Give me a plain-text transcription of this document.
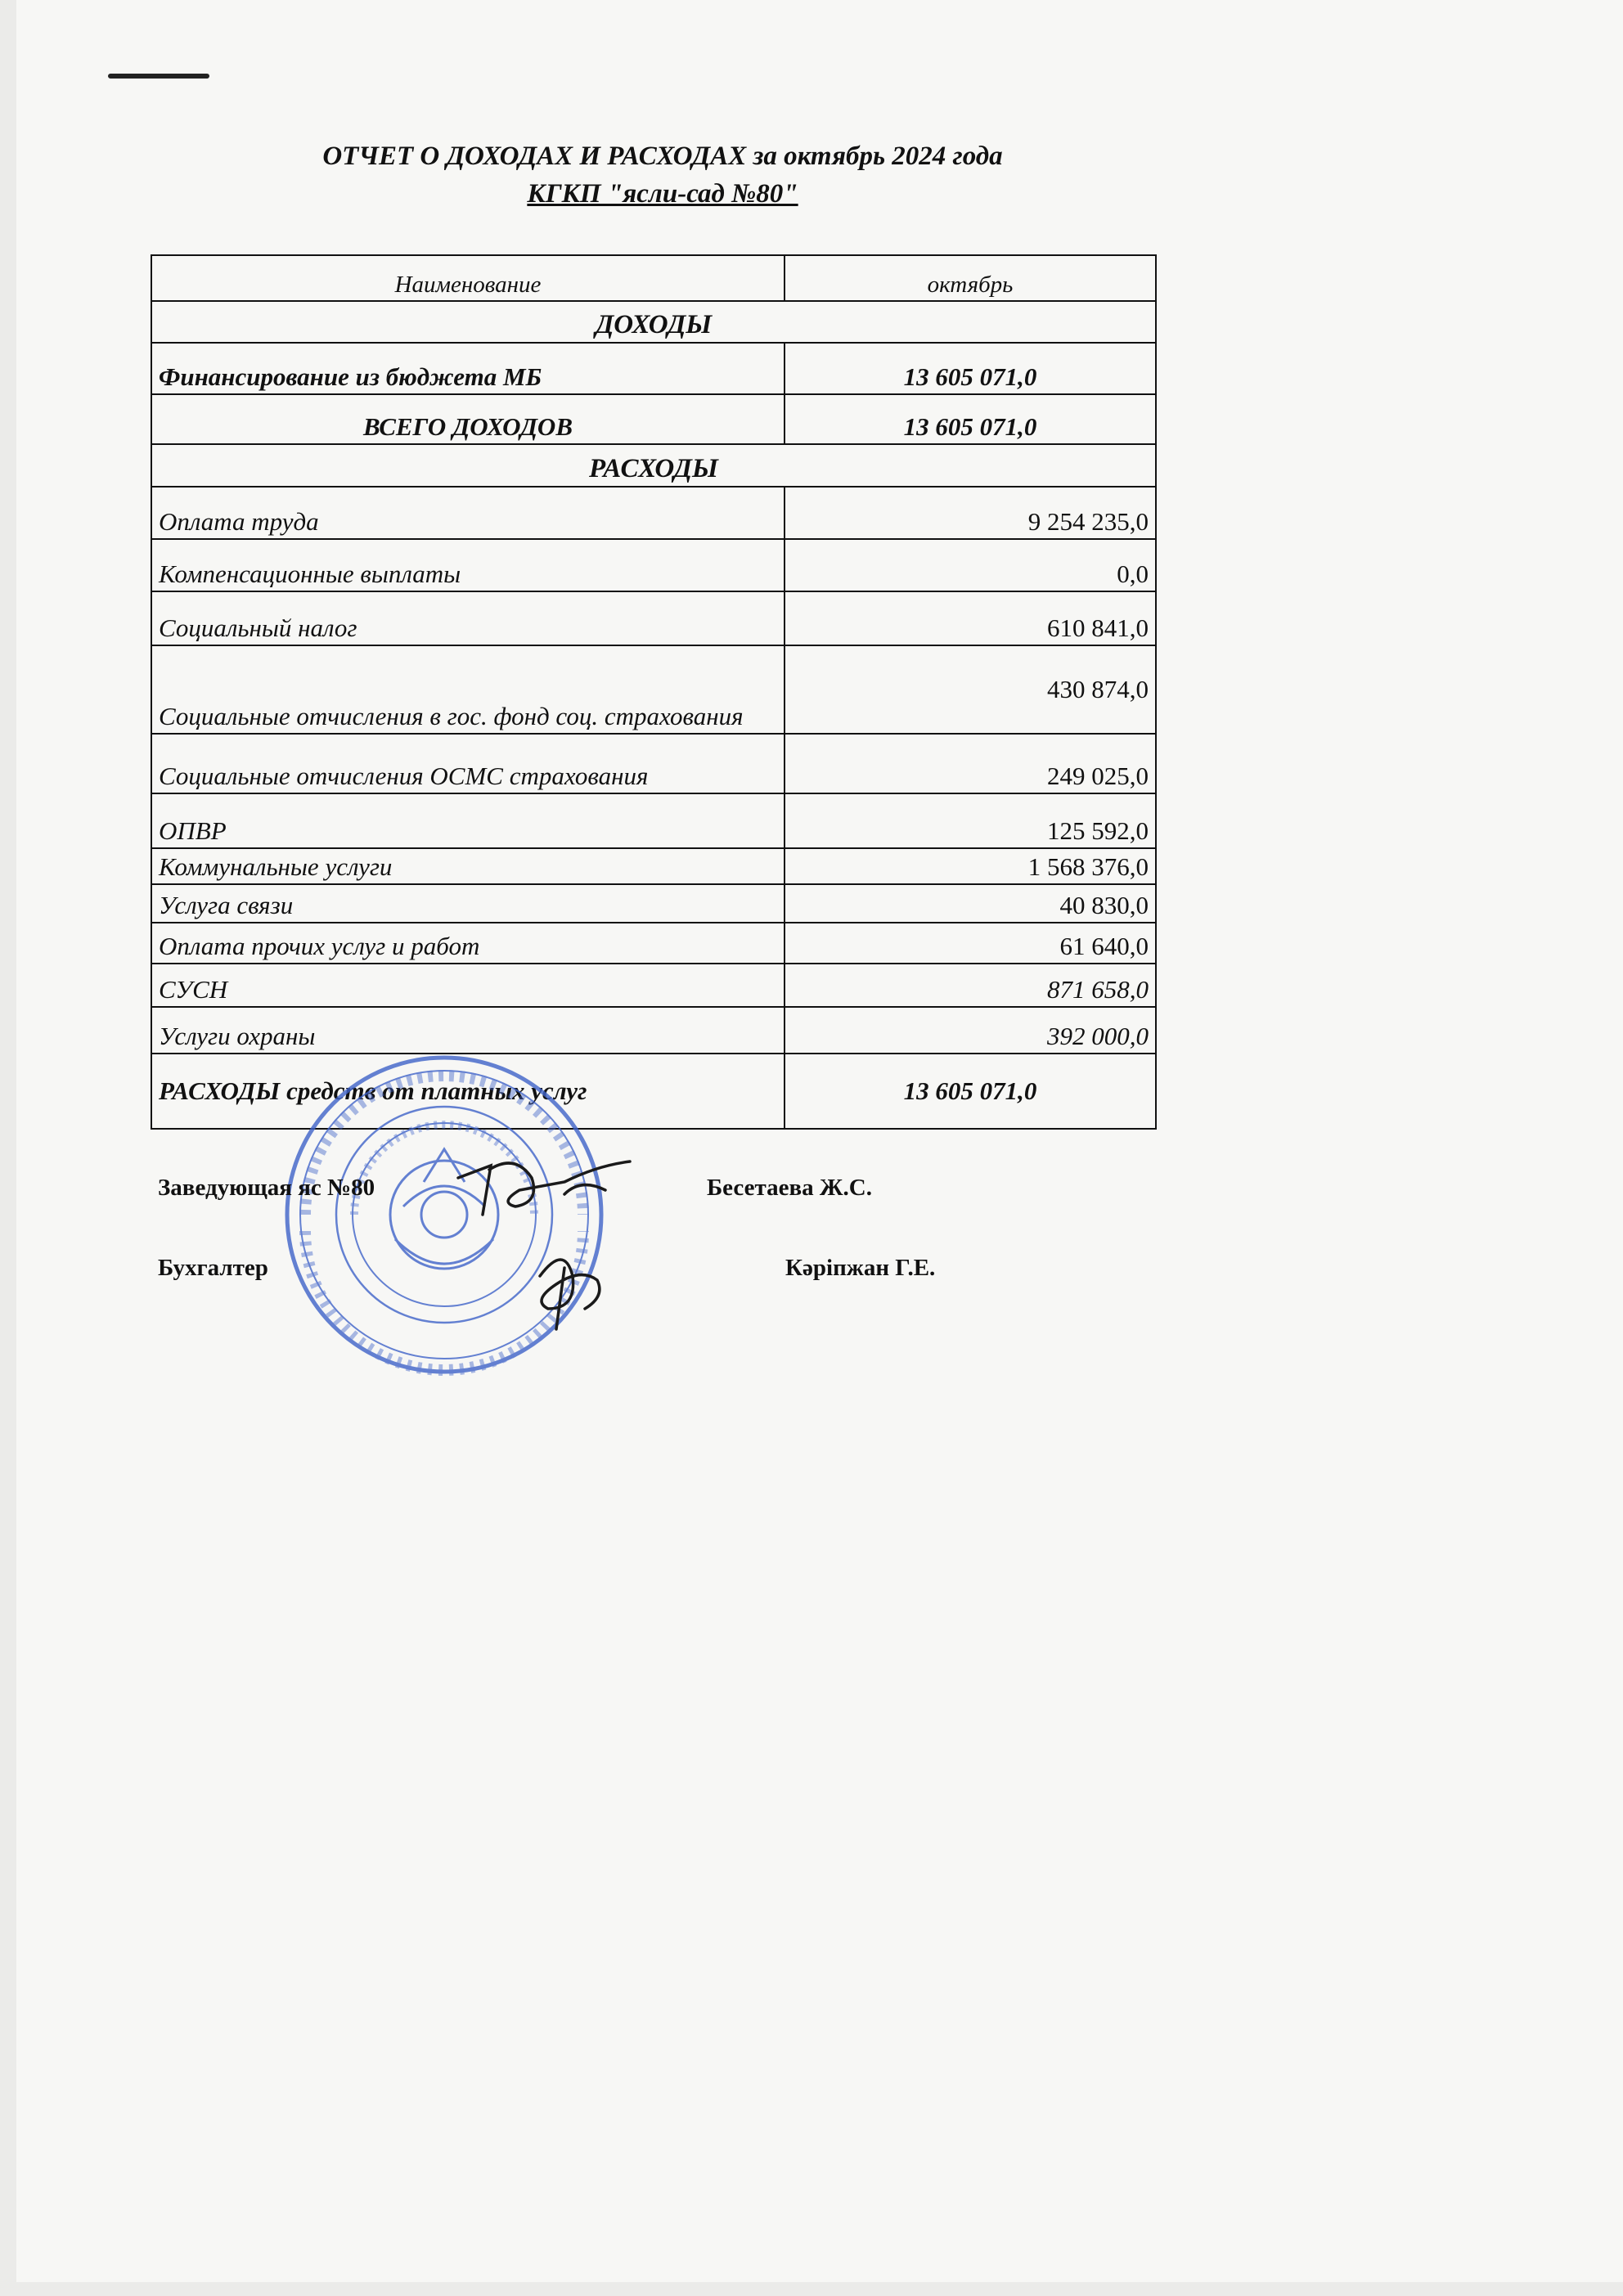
ОТЧЕТ О ДОХОДАХ И РАСХОДАХ за октябрь 2024 года
КГКП "ясли-сад №80"
Наименование	октябрь
ДОХОДЫ	
Финансирование из бюджета МБ	13 605 071,0
ВСЕГО ДОХОДОВ	13 605 071,0
РАСХОДЫ	
Оплата труда	9 254 235,0
Компенсационные выплаты	0,0
Социальный налог	610 841,0
Социальные отчисления в гос. фонд соц. страхования	430 874,0
Социальные отчисления ОСМС страхования	249 025,0
ОПВР	125 592,0
Коммунальные услуги	1 568 376,0
Услуга связи	40 830,0
Оплата прочих услуг и работ	61 640,0
СУСН	871 658,0
Услуги охраны	392 000,0
РАСХОДЫ средств от платных услуг	13 605 071,0
Заведующая яс №80	Бесетаева Ж.С.
Бухгалтер	Кәріпжан Г.Е.
